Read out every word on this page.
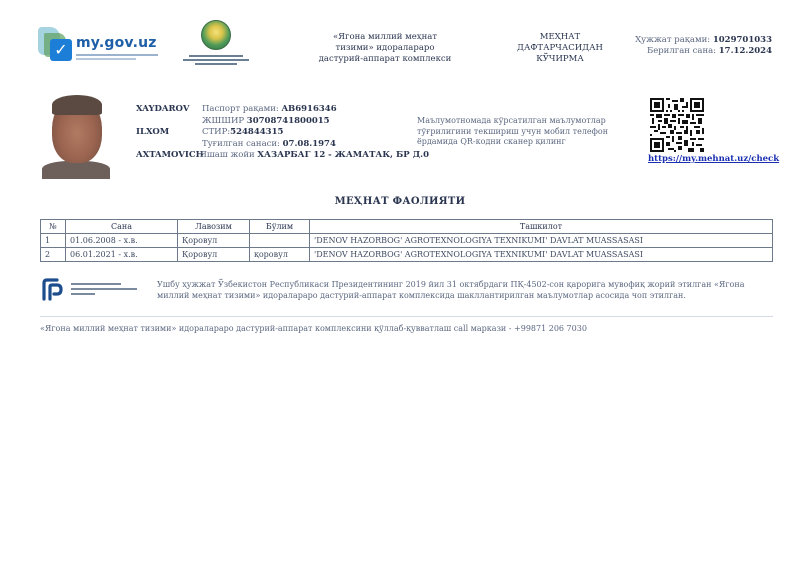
✓ my.gov.uz	«Ягона миллий меҳнат
тизими» идоралараро
дастурий-аппарат комплекси
МЕҲНАТ
ДАФТАРЧАСИДАН
КЎЧИРМА
Ҳужжат рақами: 1029701033
Берилган сана: 17.12.2024
XAYDAROV
ILXOM
AXTAMOVICH
Паспорт рақами: AB6916346
ЖШШИР 30708741800015
СТИР:524844315
Туғилган санаси: 07.08.1974
Яшаш жойи ХАЗАРБАГ 12 - ЖАМАТАК, БР Д.0
Маълумотномада кўрсатилган маълумотлар тўғрилигини текшириш учун мобил телефон ёрдамида QR-кодни скaнер қилинг
https://my.mehnat.uz/check
МЕҲНАТ ФАОЛИЯТИ
№	Сана	Лавозим	Бўлим	Ташкилот
1	01.06.2008 - х.в.	Қоровул		'DENOV HAZORBOG' AGROTEXNOLOGIYA TEXNIKUMI' DAVLAT MUASSASASI
2	06.01.2021 - х.в.	Қоровул	қоровул	'DENOV HAZORBOG' AGROTEXNOLOGIYA TEXNIKUMI' DAVLAT MUASSASASI
Ушбу ҳужжат Ўзбекистон Республикаси Президентининг 2019 йил 31 октябрдаги ПҚ-4502-сон қарорига мувофиқ жорий этилган «Ягона миллий меҳнат тизими» идоралараро дастурий-аппарат комплексида шакллантирилган маълумотлар асосида чоп этилган.
«Ягона миллий меҳнат тизими» идоралараро дастурий-аппарат комплексини қўллаб-қувватлаш call маркази - +99871 206 7030
